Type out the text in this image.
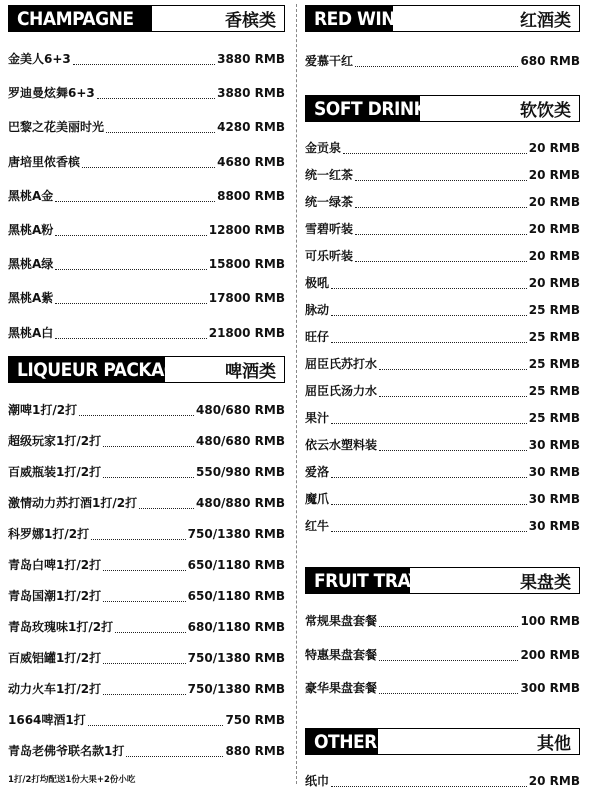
CHAMPAGNE	香槟类
金美人6+3	3880 RMB
罗迪曼炫舞6+3	3880 RMB
巴黎之花美丽时光	4280 RMB
唐培里侬香槟	4680 RMB
黑桃A金	8800 RMB
黑桃A粉	12800 RMB
黑桃A绿	15800 RMB
黑桃A紫	17800 RMB
黑桃A白	21800 RMB
LIQUEUR PACKAGE	啤酒类
潮啤1打/2打	480/680 RMB
超级玩家1打/2打	480/680 RMB
百威瓶装1打/2打	550/980 RMB
激情动力苏打酒1打/2打	480/880 RMB
科罗娜1打/2打	750/1380 RMB
青岛白啤1打/2打	650/1180 RMB
青岛国潮1打/2打	650/1180 RMB
青岛玫瑰味1打/2打	680/1180 RMB
百威铝罐1打/2打	750/1380 RMB
动力火车1打/2打	750/1380 RMB
1664啤酒1打	750 RMB
青岛老佛爷联名款1打	880 RMB
1打/2打均配送1份大果+2份小吃
RED WINE	红酒类
爱慕干红	680 RMB
SOFT DRINKS	软饮类
金贡泉	20 RMB
统一红茶	20 RMB
统一绿茶	20 RMB
雪碧听装	20 RMB
可乐听装	20 RMB
极吼	20 RMB
脉动	25 RMB
旺仔	25 RMB
屈臣氏苏打水	25 RMB
屈臣氏汤力水	25 RMB
果汁	25 RMB
依云水塑料装	30 RMB
爱洛	30 RMB
魔爪	30 RMB
红牛	30 RMB
FRUIT TRAY	果盘类
常规果盘套餐	100 RMB
特惠果盘套餐	200 RMB
豪华果盘套餐	300 RMB
OTHER	其他
纸巾	20 RMB
